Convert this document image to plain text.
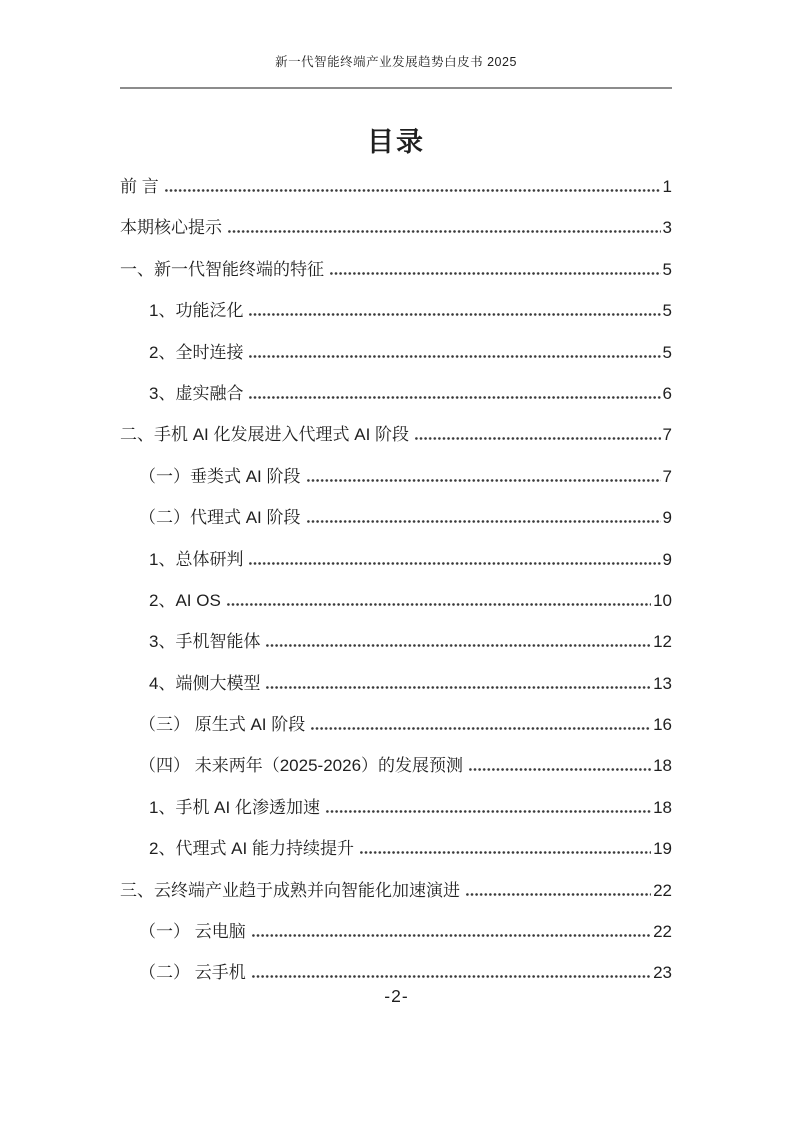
新一代智能终端产业发展趋势白皮书 2025
目录
前 言	1
本期核心提示	3
一、新一代智能终端的特征	5
1、功能泛化	5
2、全时连接	5
3、虚实融合	6
二、手机 AI 化发展进入代理式 AI 阶段	7
（一）垂类式 AI 阶段	7
（二）代理式 AI 阶段	9
1、总体研判	9
2、AI OS	10
3、手机智能体	12
4、端侧大模型	13
（三） 原生式 AI 阶段	16
（四） 未来两年（2025-2026）的发展预测	18
1、手机 AI 化渗透加速	18
2、代理式 AI 能力持续提升	19
三、云终端产业趋于成熟并向智能化加速演进	22
（一） 云电脑	22
（二） 云手机	23
-2-
